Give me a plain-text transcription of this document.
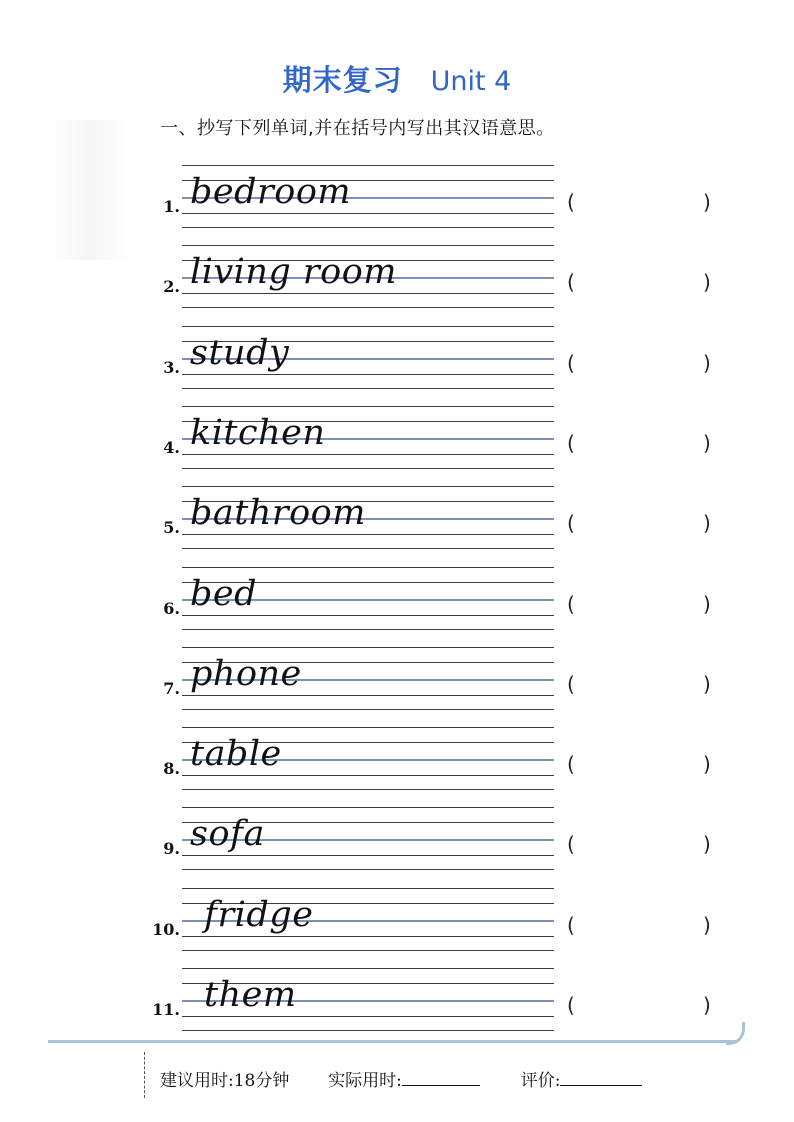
期末复习 Unit 4
一、抄写下列单词,并在括号内写出其汉语意思。
1. bedroom	(	)
2. living room	(	)
3. study	(	)
4. kitchen	(	)
5. bathroom	(	)
6. bed	(	)
7. phone	(	)
8. table	(	)
9. sofa	(	)
10. fridge	(	)
11. them	(	)
建议用时:18分钟 实际用时:	评价:
